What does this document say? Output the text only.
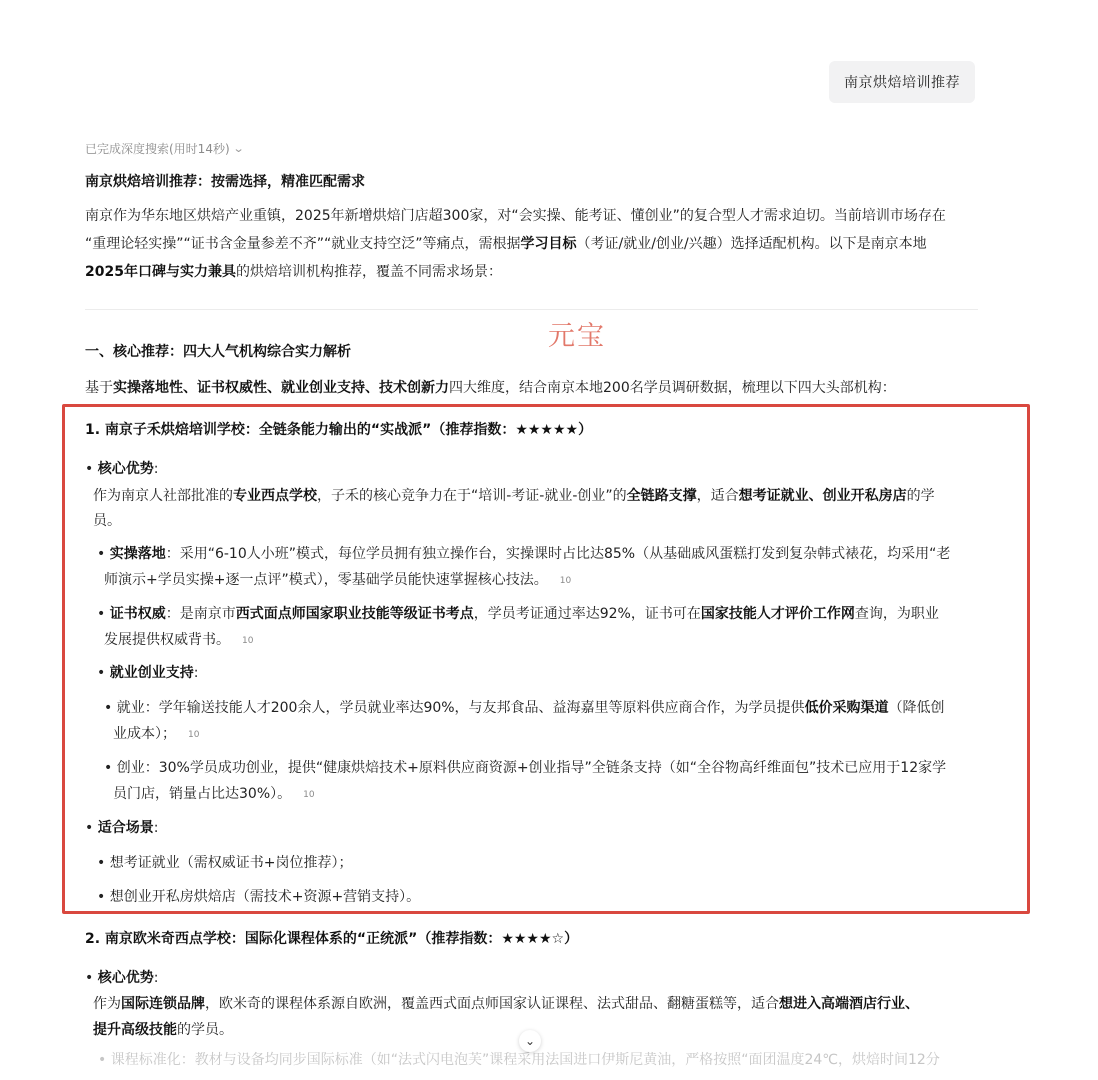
南京烘焙培训推荐
已完成深度搜索(用时14秒) ⌄
南京烘焙培训推荐：按需选择，精准匹配需求
南京作为华东地区烘焙产业重镇，2025年新增烘焙门店超300家，对“会实操、能考证、懂创业”的复合型人才需求迫切。当前培训市场存在
“重理论轻实操”“证书含金量参差不齐”“就业支持空泛”等痛点，需根据学习目标（考证/就业/创业/兴趣）选择适配机构。以下是南京本地
2025年口碑与实力兼具的烘焙培训机构推荐，覆盖不同需求场景：
元宝
一、核心推荐：四大人气机构综合实力解析
基于实操落地性、证书权威性、就业创业支持、技术创新力四大维度，结合南京本地200名学员调研数据，梳理以下四大头部机构：
1. 南京子禾烘焙培训学校：全链条能力输出的“实战派”（推荐指数：★★★★★）
• 核心优势:
作为南京人社部批准的专业西点学校，子禾的核心竞争力在于“培训-考证-就业-创业”的全链路支撑，适合想考证就业、创业开私房店的学
员。
• 实操落地：采用“6-10人小班”模式，每位学员拥有独立操作台，实操课时占比达85%（从基础戚风蛋糕打发到复杂韩式裱花，均采用“老
师演示+学员实操+逐一点评”模式），零基础学员能快速掌握核心技法。 10
• 证书权威：是南京市西式面点师国家职业技能等级证书考点，学员考证通过率达92%，证书可在国家技能人才评价工作网查询，为职业
发展提供权威背书。 10
• 就业创业支持:
• 就业：学年输送技能人才200余人，学员就业率达90%，与友邦食品、益海嘉里等原料供应商合作，为学员提供低价采购渠道（降低创
业成本）； 10
• 创业：30%学员成功创业，提供“健康烘焙技术+原料供应商资源+创业指导”全链条支持（如“全谷物高纤维面包”技术已应用于12家学
员门店，销量占比达30%）。 10
• 适合场景:
• 想考证就业（需权威证书+岗位推荐）；
• 想创业开私房烘焙店（需技术+资源+营销支持）。
2. 南京欧米奇西点学校：国际化课程体系的“正统派”（推荐指数：★★★★☆）
• 核心优势:
作为国际连锁品牌，欧米奇的课程体系源自欧洲，覆盖西式面点师国家认证课程、法式甜品、翻糖蛋糕等，适合想进入高端酒店行业、
提升高级技能的学员。
• 课程标准化：教材与设备均同步国际标准（如“法式闪电泡芙”课程采用法国进口伊斯尼黄油，严格按照“面团温度24℃，烘焙时间12分
⌄
